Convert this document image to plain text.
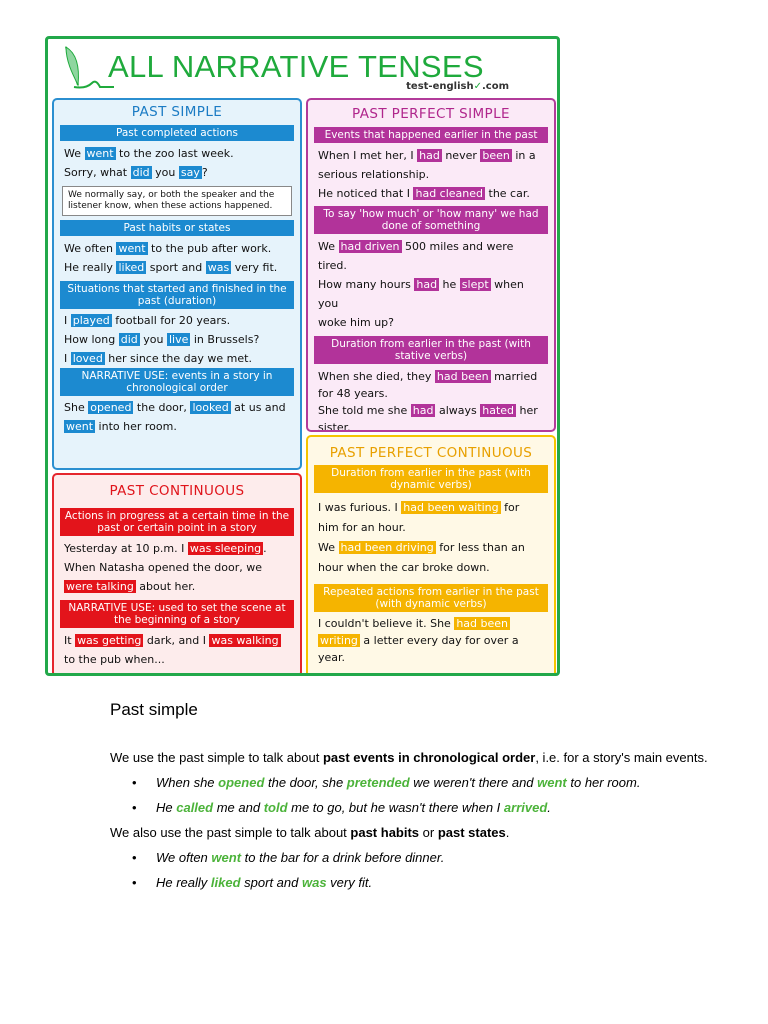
ALL NARRATIVE TENSES
test-english✓.com
PAST SIMPLE
Past completed actions
We went to the zoo last week.
Sorry, what did you say ?
We normally say, or both the speaker and the listener know, when these actions happened.
Past habits or states
We often went to the pub after work.
He really liked sport and was very fit.
Situations that started and finished in the past (duration)
I played football for 20 years.
How long did you live in Brussels?
I loved her since the day we met.
NARRATIVE USE: events in a story in chronological order
She opened the door, looked at us and
went into her room.
PAST PERFECT SIMPLE
Events that happened earlier in the past
When I met her, I had never been in a
serious relationship.
He noticed that I had cleaned the car.
To say 'how much' or 'how many' we had done of something
We had driven 500 miles and were tired.
How many hours had he slept when you
woke him up?
Duration from earlier in the past (with stative verbs)
When she died, they had been married
for 48 years.
She told me she had always hated her
sister.
PAST CONTINUOUS
Actions in progress at a certain time in the past or certain point in a story
Yesterday at 10 p.m. I was sleeping .
When Natasha opened the door, we
were talking about her.
NARRATIVE USE: used to set the scene at the beginning of a story
It was getting dark, and I was walking
to the pub when...
PAST PERFECT CONTINUOUS
Duration from earlier in the past (with dynamic verbs)
I was furious. I had been waiting for
him for an hour.
We had been driving for less than an
hour when the car broke down.
Repeated actions from earlier in the past (with dynamic verbs)
I couldn't believe it. She had been
writing a letter every day for over a
year.
Past simple

We use the past simple to talk about past events in chronological order, i.e. for a story's main events.

• When she opened the door, she pretended we weren't there and went to her room.
• He called me and told me to go, but he wasn't there when I arrived.

We also use the past simple to talk about past habits or past states.

• We often went to the bar for a drink before dinner.
• He really liked sport and was very fit.
